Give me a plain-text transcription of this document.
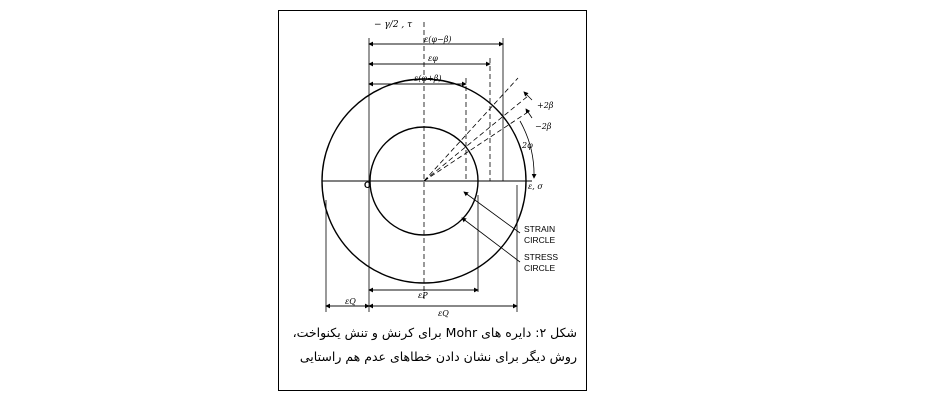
− γ/2 , τ
ε(φ−β)
εφ
ε(φ+β)
+2β
−2β
2φ
O	ε, σ
STRAIN
CIRCLE
STRESS
CIRCLE
εQ
εP
εQ
شکل ۲: دایره های Mohr برای کرنش و تنش یکنواخت،
روش دیگر برای نشان دادن خطاهای عدم هم راستایی
